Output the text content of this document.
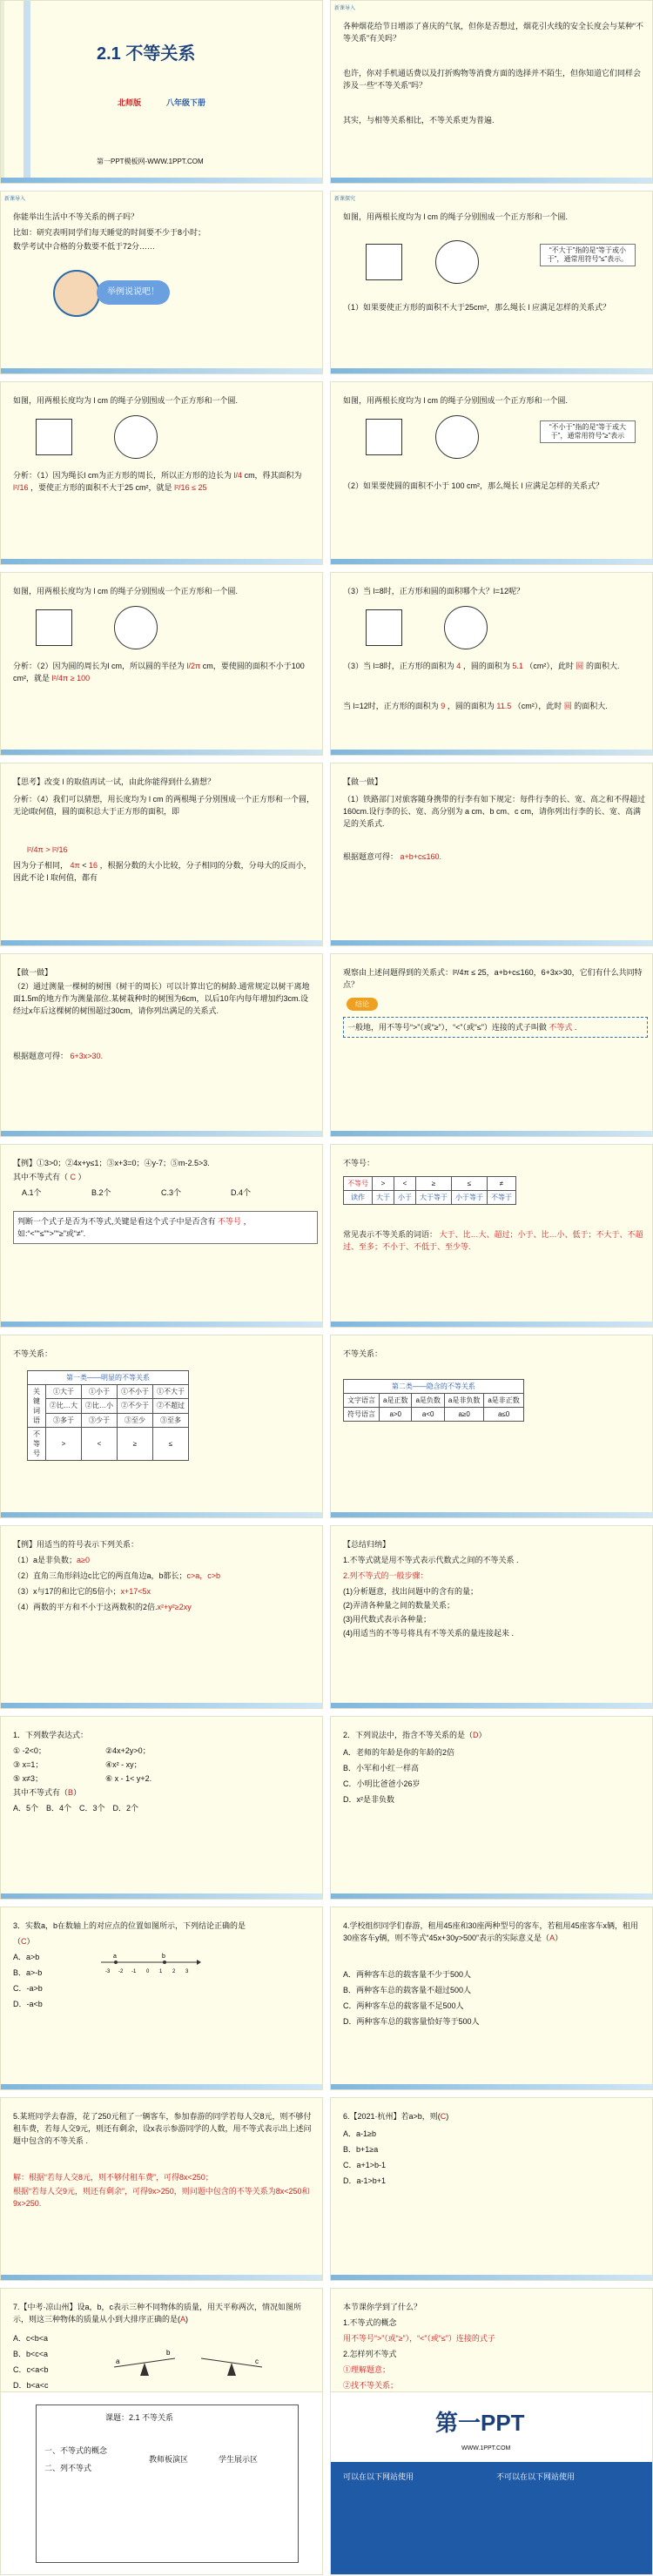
2.1 不等关系
北师版	八年级下册
第一PPT模板网-WWW.1PPT.COM
新课导入
各种烟花给节日增添了喜庆的气氛，但你是否想过，烟花引火线的安全长度会与某种“不等关系”有关吗？
也许，你对手机通话费以及打折购物等消费方面的选择并不陌生，但你知道它们同样会涉及一些“不等关系”吗？
其实，与相等关系相比，不等关系更为普遍.
新课导入
你能举出生活中不等关系的例子吗？
比如：研究表明同学们每天睡觉的时间要不少于8小时；
数学考试中合格的分数要不低于72分……
举例说说吧！
新课探究
如图，用两根长度均为 l cm 的绳子分别围成一个正方形和一个圆.
“不大于”指的是“等于或小于”，通常用符号“≤”表示。
（1）如果要使正方形的面积不大于25cm²，那么绳长 l 应满足怎样的关系式？
如图，用两根长度均为 l cm 的绳子分别围成一个正方形和一个圆.
分析：（1）因为绳长l cm为正方形的周长，所以正方形的边长为 l/4 cm，得其面积为 l²/16 ，要使正方形的面积不大于25 cm²，就是 l²/16 ≤ 25
如图，用两根长度均为 l cm 的绳子分别围成一个正方形和一个圆.
“不小于”指的是“等于或大于”，通常用符号“≥”表示
（2）如果要使圆的面积不小于 100 cm²，那么绳长 l 应满足怎样的关系式？
如图，用两根长度均为 l cm 的绳子分别围成一个正方形和一个圆.
分析：（2）因为圆的周长为l cm，所以圆的半径为 l/2π cm，要使圆的面积不小于100 cm²，就是 l²/4π ≥ 100
（3）当 l=8时，正方形和圆的面积哪个大？l=12呢？
（3）当 l=8时，正方形的面积为 4 ，圆的面积为 5.1 （cm²），此时 圆 的面积大.
当 l=12时，正方形的面积为 9 ，圆的面积为 11.5 （cm²），此时 圆 的面积大.
【思考】改变 l 的取值再试一试，由此你能得到什么猜想？
分析：（4）我们可以猜想，用长度均为 l cm 的两根绳子分别围成一个正方形和一个圆，无论l取何值，圆的面积总大于正方形的面积，即
l²/4π > l²/16
因为分子相同， 4π < 16 ，根据分数的大小比较，分子相同的分数，分母大的反而小，因此不论 l 取何值，都有
【做一做】
（1）铁路部门对旅客随身携带的行李有如下规定：每件行李的长、宽、高之和不得超过160cm.设行李的长、宽、高分别为 a cm、b cm、c cm，请你列出行李的长、宽、高满足的关系式.
根据题意可得： a+b+c≤160.
【做一做】
（2）通过测量一棵树的树围（树干的周长）可以计算出它的树龄.通常规定以树干离地面1.5m的地方作为测量部位.某树栽种时的树围为6cm，以后10年内每年增加约3cm.设经过x年后这棵树的树围超过30cm，请你列出满足的关系式.
根据题意可得： 6+3x>30.
观察由上述问题得到的关系式：l²/4π ≤ 25，a+b+c≤160，6+3x>30，它们有什么共同特点？
结论
一般地，用不等号“>”（或“≥”），“<”（或“≤”）连接的式子叫做 不等式 .
【例】①3>0；②4x+y≤1；③x+3=0；④y-7；⑤m-2.5>3.
其中不等式有（ C ）
A.1个	B.2个	C.3个	D.4个
判断一个式子是否为不等式,关键是看这个式子中是否含有 不等号 ，如:“<”“≤”“>”“≥”或“≠”.
不等号：
不等号	>	<	≥	≤	≠
读作	大于	小于	大于等于	小于等于	不等于
常见表示不等关系的词语： 大于、比…大、超过；小于、比…小、低于；不大于、不超过、至多；不小于、不低于、至少等.
不等关系：
第一类——明显的不等关系				
关键词语	①大于	①小于	①不小于	①不大于
	②比…大	②比…小	②不少于	②不超过
	③多于	③少于	③至少	③至多
不等号	>	<	≥	≤
不等关系：
第二类——隐含的不等关系				
文字语言	a是正数	a是负数	a是非负数	a是非正数
符号语言	a>0	a<0	a≥0	a≤0
【例】用适当的符号表示下列关系：
（1）a是非负数；a≥0
（2）直角三角形斜边c比它的两直角边a，b都长；c>a，c>b
（3）x与17的和比它的5倍小；x+17<5x
（4）两数的平方和不小于这两数积的2倍.x²+y²≥2xy
【总结归纳】
1.不等式就是用不等式表示代数式之间的不等关系 .
2.列不等式的一般步骤：
(1)分析题意，找出问题中的含有的量；
(2)弄清各种量之间的数量关系；
(3)用代数式表示各种量；
(4)用适当的不等号将具有不等关系的量连接起来 .
1．下列数学表达式：
① -2<0；	②4x+2y>0；
③ x=1；	④x² - xy；
⑤ x≠3；	⑥ x - 1< y+2.
其中不等式有（B）
A．5个　B．4个　C．3个　D．2个
2．下列说法中，指含不等关系的是（D）
A．老师的年龄是你的年龄的2倍
B．小军和小红一样高
C．小明比爸爸小26岁
D．x²是非负数
3．实数a，b在数轴上的对应点的位置如图所示，下列结论正确的是
（C）
A．a>b
B．a>-b
C．-a>b
D．-a<b
a	b
-3 -2 -1 0 1 2 3
4.学校组织同学们春游，租用45座和30座两种型号的客车，若租用45座客车x辆，租用30座客车y辆，则不等式“45x+30y>500”表示的实际意义是（A）
A．两种客车总的载客量不少于500人
B．两种客车总的载客量不超过500人
C．两种客车总的载客量不足500人
D．两种客车总的载客量恰好等于500人
5.某班同学去春游，花了250元租了一辆客车，参加春游的同学若每人交8元，则不够付租车费，若每人交9元，则还有剩余，设x表示参游同学的人数，用不等式表示出上述问题中包含的不等关系 .
解：根据“若每人交8元，则不够付租车费”，可得8x<250；
根据“若每人交9元，则还有剩余”，可得9x>250，则问题中包含的不等关系为8x<250和9x>250.
6.【2021·杭州】若a>b，则(C)
A．a-1≥b
B．b+1≥a
C．a+1>b-1
D．a-1>b+1
7.【中考·凉山州】设a，b，c表示三种不同物体的质量，用天平称两次，情况如图所示，则这三种物体的质量从小到大排序正确的是(A)
A．c<b<a
B．b<c<a
C．c<a<b
D．b<a<c
a
b
c
本节课你学到了什么？
1.不等式的概念
用不等号“>”（或“≥”），“<”（或“≤”）连接的式子
2.怎样列不等式
①理解题意；
②找不等关系；
课题：2.1 不等关系
一、不等式的概念
二、列不等式
教师板演区	学生展示区
第一PPT
WWW.1PPT.COM
可以在以下网站使用	不可以在以下网站使用
